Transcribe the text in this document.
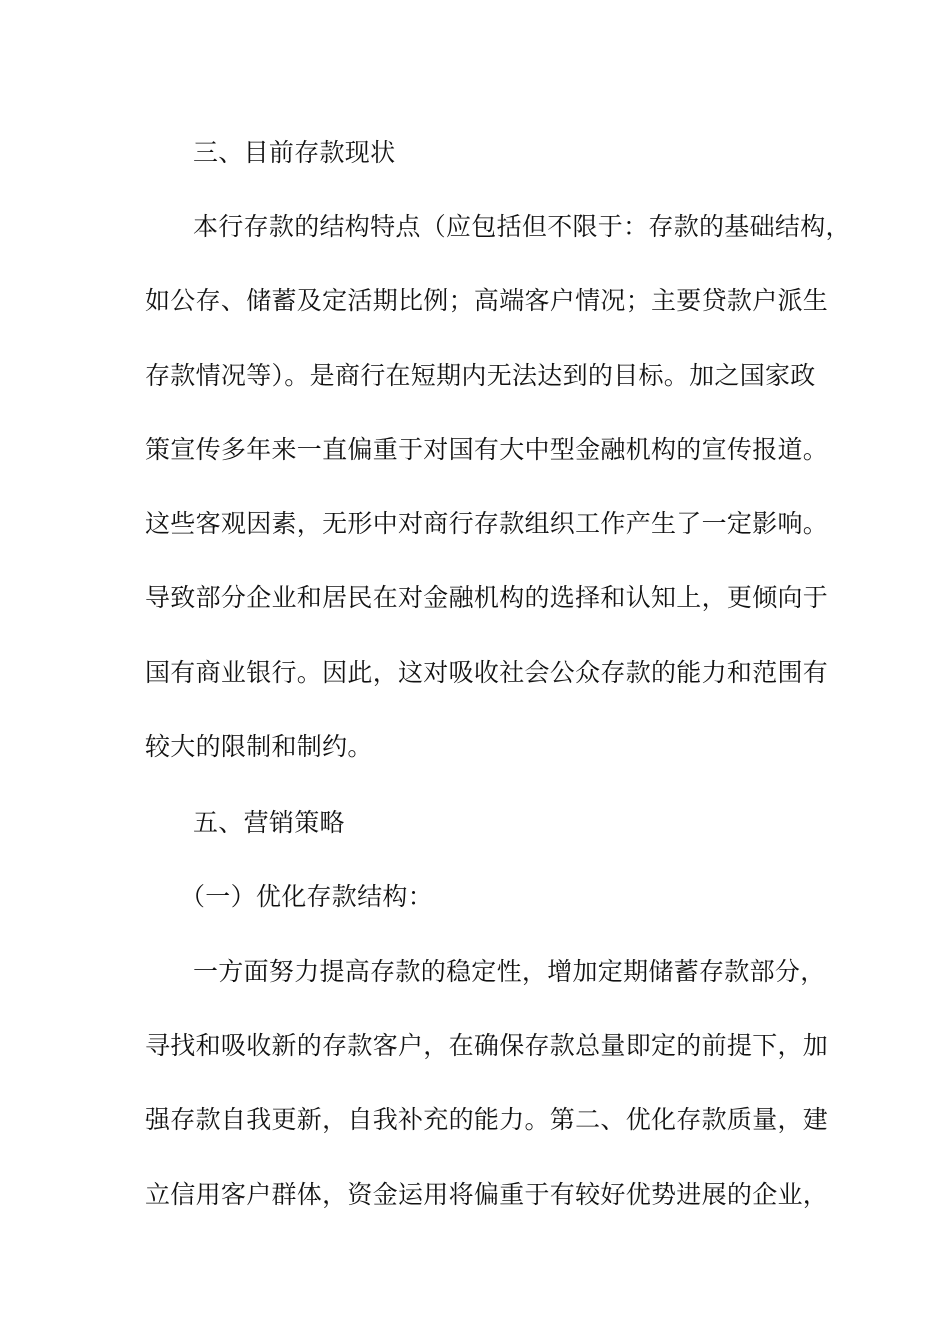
三、目前存款现状
本行存款的结构特点（应包括但不限于：存款的基础结构，
如公存、储蓄及定活期比例；高端客户情况；主要贷款户派生
存款情况等）。是商行在短期内无法达到的目标。加之国家政
策宣传多年来一直偏重于对国有大中型金融机构的宣传报道。
这些客观因素，无形中对商行存款组织工作产生了一定影响。
导致部分企业和居民在对金融机构的选择和认知上，更倾向于
国有商业银行。因此，这对吸收社会公众存款的能力和范围有
较大的限制和制约。
五、营销策略
（一）优化存款结构：
一方面努力提高存款的稳定性，增加定期储蓄存款部分，
寻找和吸收新的存款客户，在确保存款总量即定的前提下，加
强存款自我更新，自我补充的能力。第二、优化存款质量，建
立信用客户群体，资金运用将偏重于有较好优势进展的企业，
